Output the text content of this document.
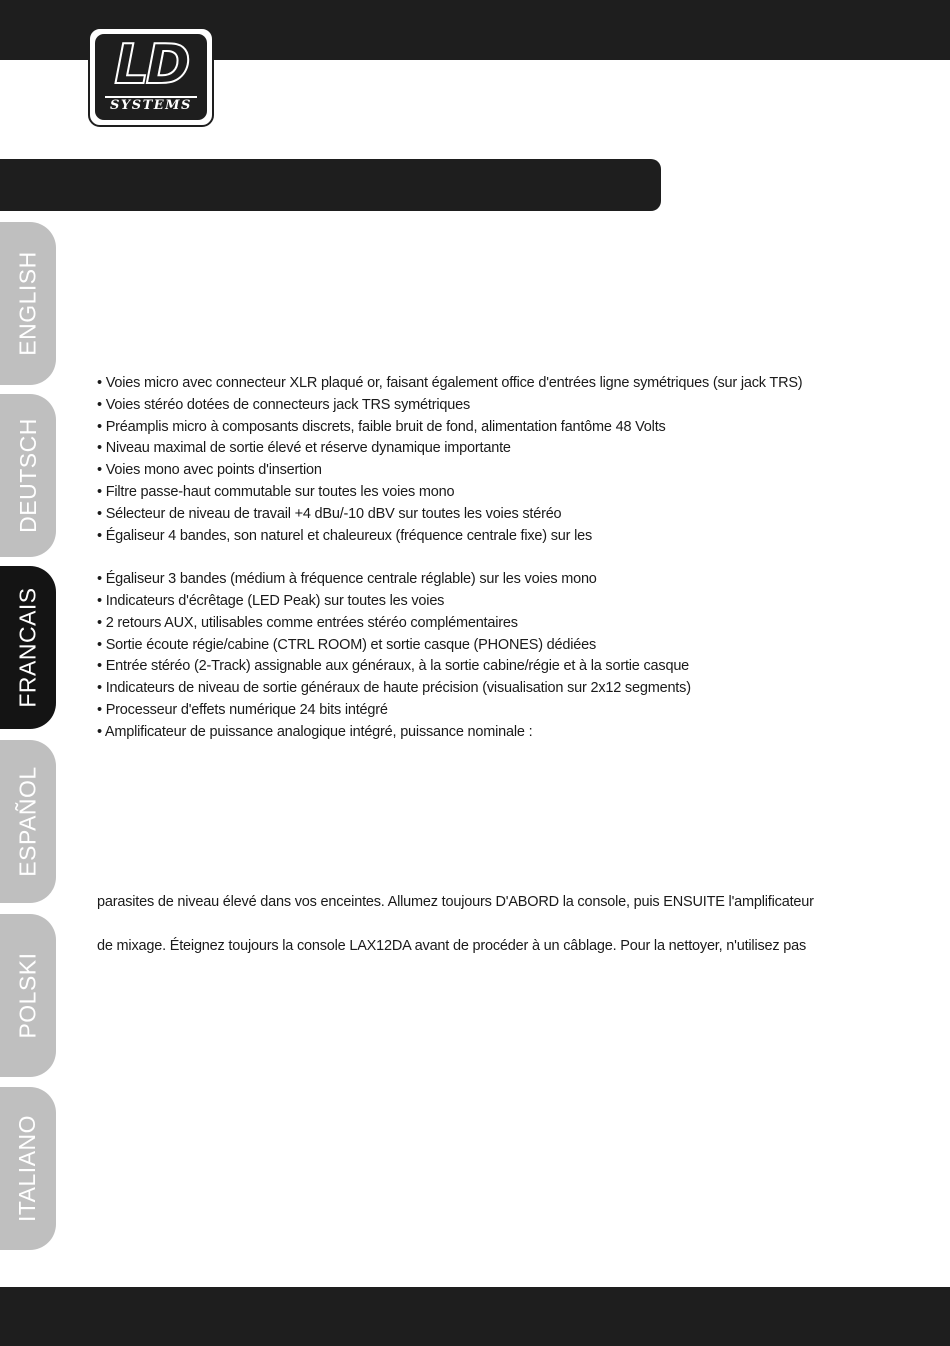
LD
SYSTEMS
ENGLISH
DEUTSCH
FRANCAIS
ESPAÑOL
POLSKI
ITALIANO
• Voies micro avec connecteur XLR plaqué or, faisant également office d'entrées ligne symétriques (sur jack TRS)
• Voies stéréo dotées de connecteurs jack TRS symétriques
• Préamplis micro à composants discrets, faible bruit de fond, alimentation fantôme 48 Volts
• Niveau maximal de sortie élevé et réserve dynamique importante
• Voies mono avec points d'insertion
• Filtre passe-haut commutable sur toutes les voies mono
• Sélecteur de niveau de travail +4 dBu/-10 dBV sur toutes les voies stéréo
• Égaliseur 4 bandes, son naturel et chaleureux (fréquence centrale fixe) sur les
• Égaliseur 3 bandes (médium à fréquence centrale réglable) sur les voies mono
• Indicateurs d'écrêtage (LED Peak) sur toutes les voies
• 2 retours AUX, utilisables comme entrées stéréo complémentaires
• Sortie écoute régie/cabine (CTRL ROOM) et sortie casque (PHONES) dédiées
• Entrée stéréo (2-Track) assignable aux généraux, à la sortie cabine/régie et à la sortie casque
• Indicateurs de niveau de sortie généraux de haute précision (visualisation sur 2x12 segments)
• Processeur d'effets numérique 24 bits intégré
• Amplificateur de puissance analogique intégré, puissance nominale :
parasites de niveau élevé dans vos enceintes. Allumez toujours D'ABORD la console, puis ENSUITE l'amplificateur
de mixage. Éteignez toujours la console LAX12DA avant de procéder à un câblage. Pour la nettoyer, n'utilisez pas
